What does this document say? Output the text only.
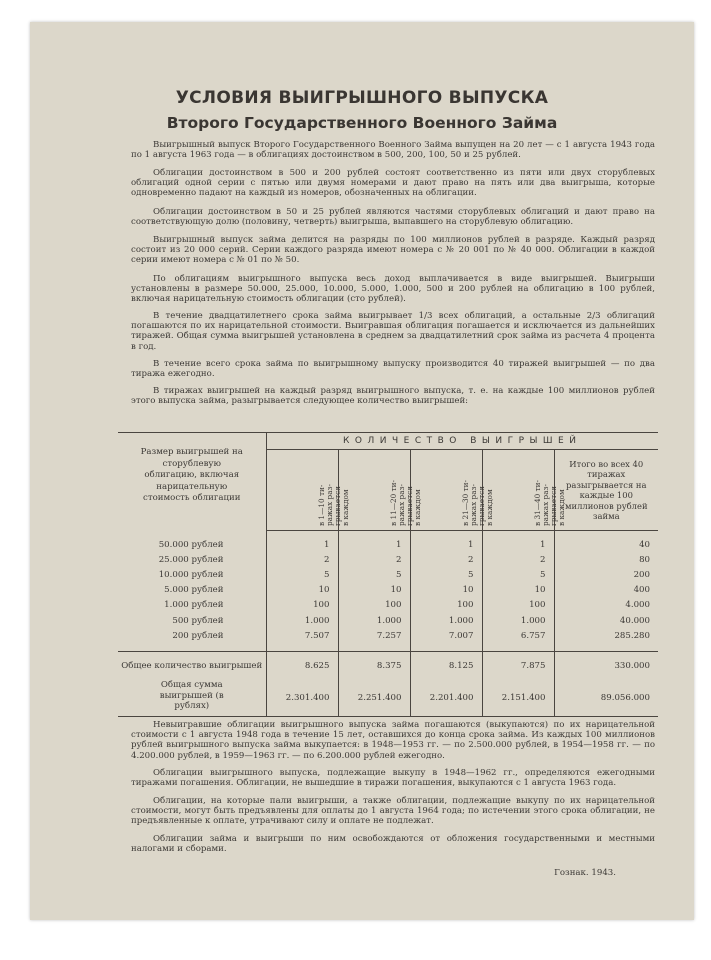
УСЛОВИЯ ВЫИГРЫШНОГО ВЫПУСКА
Второго Государственного Военного Займа
Выигрышный выпуск Второго Государственного Военного Займа выпущен на 20 лет — с 1 августа 1943 года по 1 августа 1963 года — в облигациях достоинством в 500, 200, 100, 50 и 25 рублей.
Облигации достоинством в 500 и 200 рублей состоят соответственно из пяти или двух сторублевых облигаций одной серии с пятью или двумя номерами и дают право на пять или два выигрыша, которые одновременно падают на каждый из номеров, обозначенных на облигации.
Облигации достоинством в 50 и 25 рублей являются частями сторублевых облигаций и дают право на соответствующую долю (половину, четверть) выигрыша, выпавшего на сторублевую облигацию.
Выигрышный выпуск займа делится на разряды по 100 миллионов рублей в разряде. Каждый разряд состоит из 20 000 серий. Серии каждого разряда имеют номера с № 20 001 по № 40 000. Облигации в каждой серии имеют номера с № 01 по № 50.
По облигациям выигрышного выпуска весь доход выплачивается в виде выигрышей. Выигрыши установлены в размере 50.000, 25.000, 10.000, 5.000, 1.000, 500 и 200 рублей на облигацию в 100 рублей, включая нарицательную стоимость облигации (сто рублей).
В течение двадцатилетнего срока займа выигрывает 1/3 всех облигаций, а остальные 2/3 облигаций погашаются по их нарицательной стоимости. Выигравшая облигация погашается и исключается из дальнейших тиражей. Общая сумма выигрышей установлена в среднем за двадцатилетний срок займа из расчета 4 процента в год.
В течение всего срока займа по выигрышному выпуску производится 40 тиражей выигрышей — по два тиража ежегодно.
В тиражах выигрышей на каждый разряд выигрышного выпуска, т. е. на каждые 100 миллионов рублей этого выпуска займа, разыгрывается следующее количество выигрышей:
Размер выигрышей на сторублевую облигацию, включая нарицательную стоимость облигации	КОЛИЧЕСТВО ВЫИГРЫШЕЙ				

	в 1—10 ти-
ражах раз-
грывается
в каждом	в 11—20 ти-
ражах раз-
грывается
в каждом	в 21—30 ти-
ражах раз-
грывается
в каждом	в 31—40 ти-
ражах раз-
грывается
в каждом	Итого во всех 40 тиражах разыгрывается на каждые 100 миллионов рублей займа

50.000 рублей	1	1	1	1	40
25.000 рублей	2	2	2	2	80
10.000 рублей	5	5	5	5	200
5.000 рублей	10	10	10	10	400
1.000 рублей	100	100	100	100	4.000
500 рублей	1.000	1.000	1.000	1.000	40.000
200 рублей	7.507	7.257	7.007	6.757	285.280

Общее количество выигрышей	8.625	8.375	8.125	7.875	330.000
Общая сумма выигрышей (в рублях)	2.301.400	2.251.400	2.201.400	2.151.400	89.056.000
Невыигравшие облигации выигрышного выпуска займа погашаются (выкупаются) по их нарицательной стоимости с 1 августа 1948 года в течение 15 лет, оставшихся до конца срока займа. Из каждых 100 миллионов рублей выигрышного выпуска займа выкупается: в 1948—1953 гг. — по 2.500.000 рублей, в 1954—1958 гг. — по 4.200.000 рублей, в 1959—1963 гг. — по 6.200.000 рублей ежегодно.
Облигации выигрышного выпуска, подлежащие выкупу в 1948—1962 гг., определяются ежегодными тиражами погашения. Облигации, не вышедшие в тиражи погашения, выкупаются с 1 августа 1963 года.
Облигации, на которые пали выигрыши, а также облигации, подлежащие выкупу по их нарицательной стоимости, могут быть предъявлены для оплаты до 1 августа 1964 года; по истечении этого срока облигации, не предъявленные к оплате, утрачивают силу и оплате не подлежат.
Облигации займа и выигрыши по ним освобождаются от обложения государственными и местными налогами и сборами.
Гознак. 1943.
